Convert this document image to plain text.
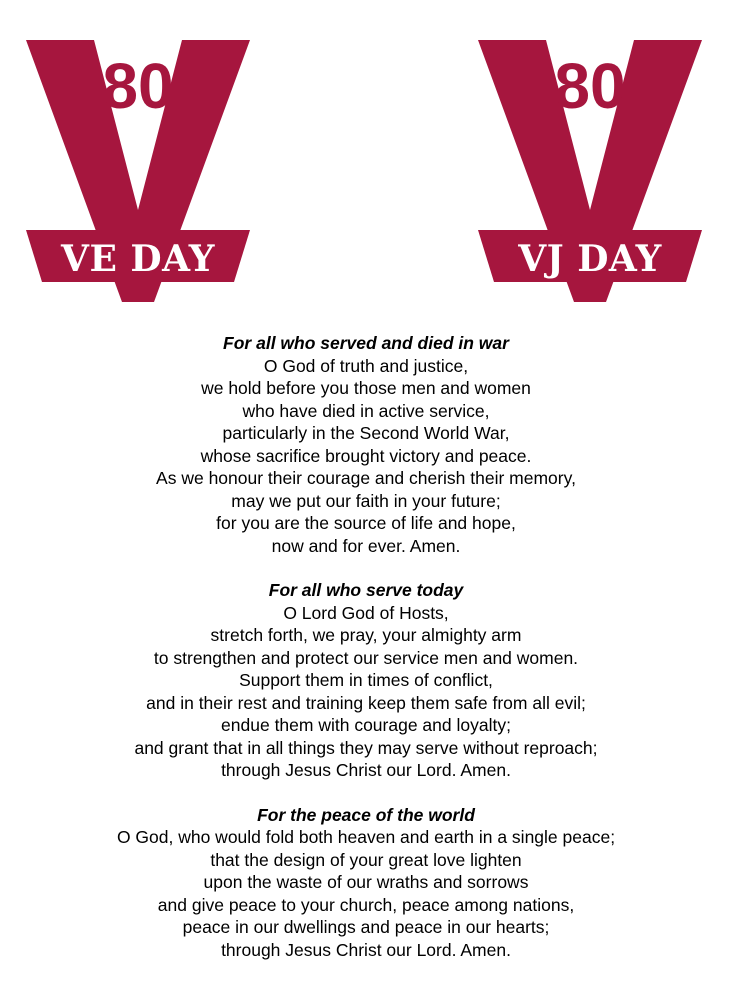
80
VE DAY
80
VJ DAY

For all who served and died in war

O God of truth and justice,

we hold before you those men and women

who have died in active service,

particularly in the Second World War,

whose sacrifice brought victory and peace.

As we honour their courage and cherish their memory,

may we put our faith in your future;

for you are the source of life and hope,

now and for ever. Amen.

For all who serve today

O Lord God of Hosts,

stretch forth, we pray, your almighty arm

to strengthen and protect our service men and women.

Support them in times of conflict,

and in their rest and training keep them safe from all evil;

endue them with courage and loyalty;

and grant that in all things they may serve without reproach;

through Jesus Christ our Lord. Amen.

For the peace of the world

O God, who would fold both heaven and earth in a single peace;

that the design of your great love lighten

upon the waste of our wraths and sorrows

and give peace to your church, peace among nations,

peace in our dwellings and peace in our hearts;

through Jesus Christ our Lord. Amen.
